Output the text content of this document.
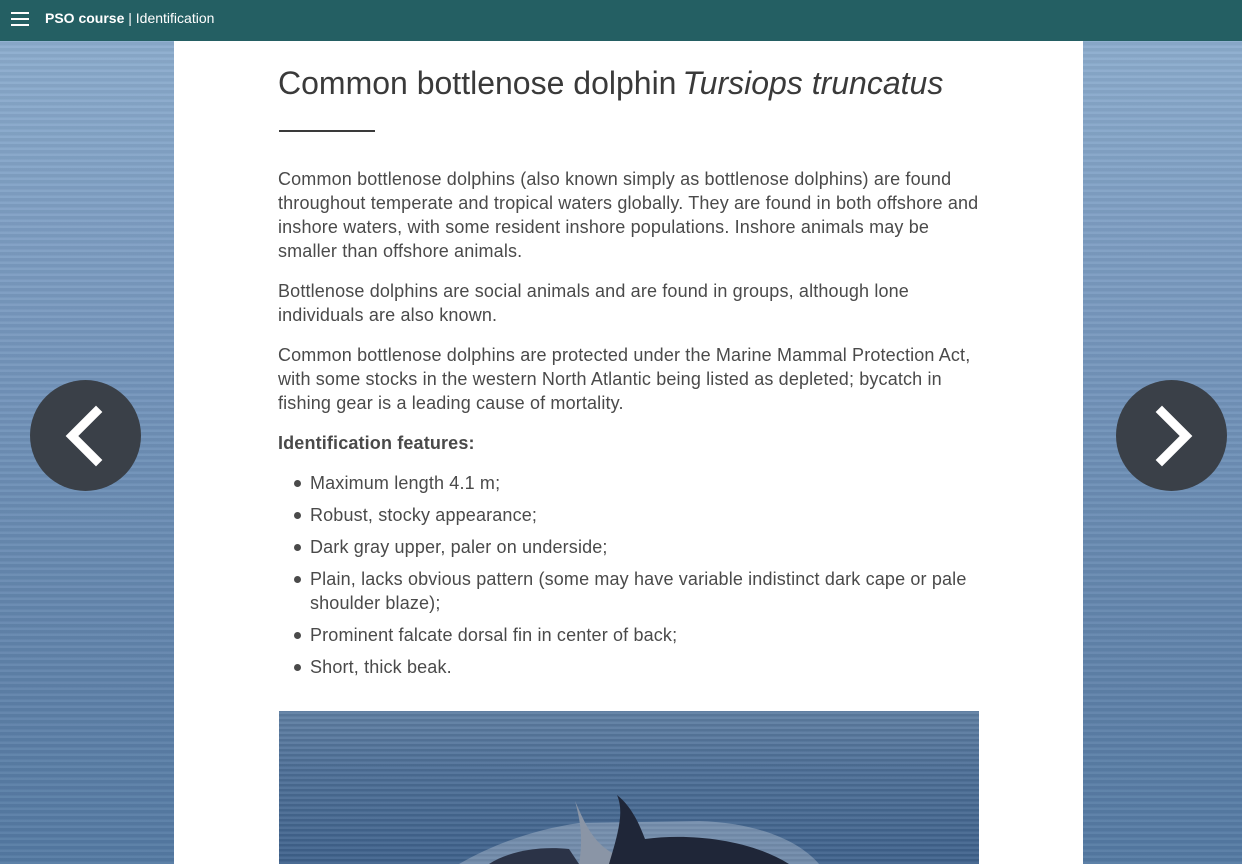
PSO course | Identification
Common bottlenose dolphin Tursiops truncatus

Common bottlenose dolphins (also known simply as bottlenose dolphins) are found throughout temperate and tropical waters globally. They are found in both offshore and inshore waters, with some resident inshore populations. Inshore animals may be smaller than offshore animals.

Bottlenose dolphins are social animals and are found in groups, although lone individuals are also known.

Common bottlenose dolphins are protected under the Marine Mammal Protection Act, with some stocks in the western North Atlantic being listed as depleted; bycatch in fishing gear is a leading cause of mortality.

Identification features:

Maximum length 4.1 m;
Robust, stocky appearance;
Dark gray upper, paler on underside;
Plain, lacks obvious pattern (some may have variable indistinct dark cape or pale shoulder blaze);
Prominent falcate dorsal fin in center of back;
Short, thick beak.
